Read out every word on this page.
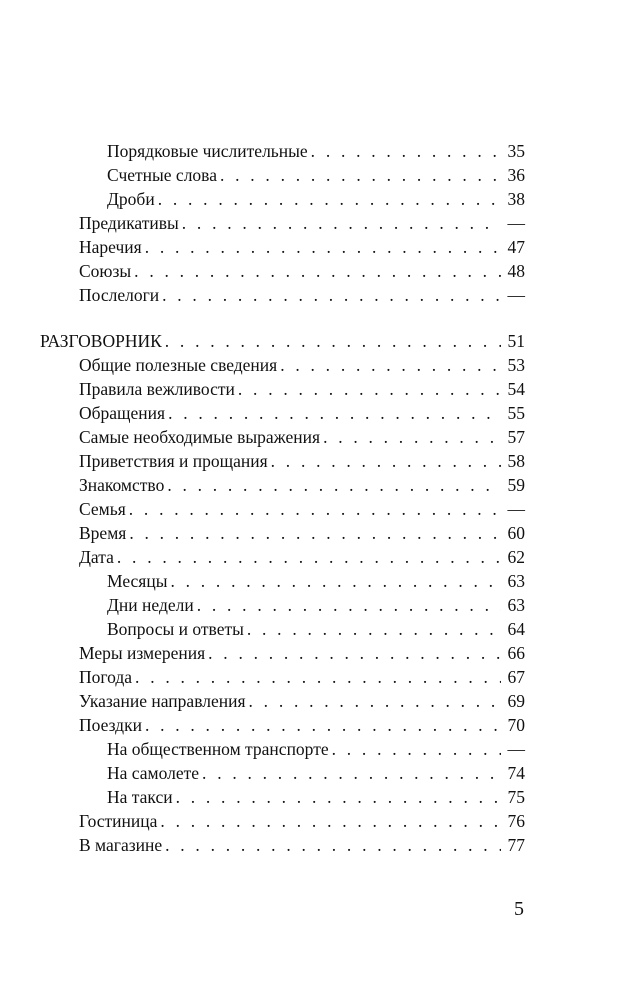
Порядковые числительные . . .	35
Счетные слова . . .	36
Дроби . . .	38
Предикативы . . .	—
Наречия . . .	47
Союзы . . .	48
Послелоги . . .	—
РАЗГОВОРНИК . . .	51
Общие полезные сведения . . .	53
Правила вежливости . . .	54
Обращения . . .	55
Самые необходимые выражения . . .	57
Приветствия и прощания . . .	58
Знакомство . . .	59
Семья . . .	—
Время . . .	60
Дата . . .	62
Месяцы . . .	63
Дни недели . . .	63
Вопросы и ответы . . .	64
Меры измерения . . .	66
Погода . . .	67
Указание направления . . .	69
Поездки . . .	70
На общественном транспорте . . .	—
На самолете . . .	74
На такси . . .	75
Гостиница . . .	76
В магазине . . .	77
5
